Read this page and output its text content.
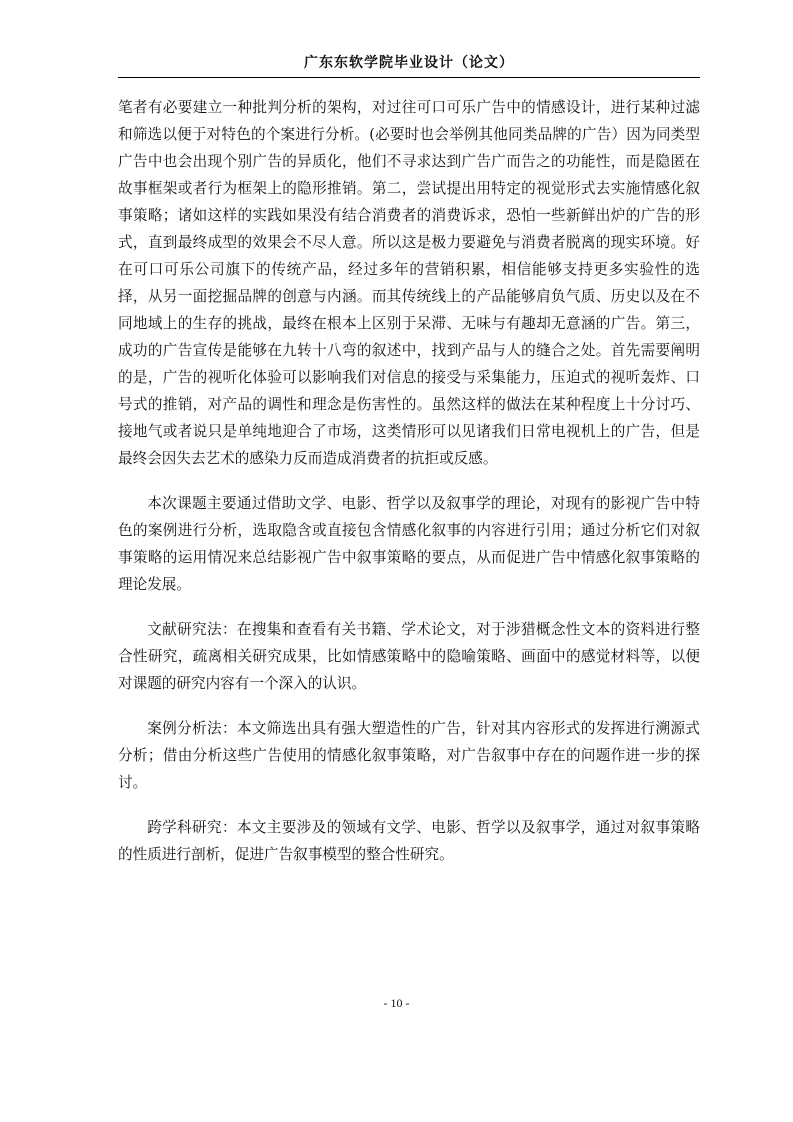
广东东软学院毕业设计（论文）

笔者有必要建立一种批判分析的架构，对过往可口可乐广告中的情感设计，进行某种过滤和筛选以便于对特色的个案进行分析。(必要时也会举例其他同类品牌的广告）因为同类型广告中也会出现个别广告的异质化，他们不寻求达到广告广而告之的功能性，而是隐匿在故事框架或者行为框架上的隐形推销。第二，尝试提出用特定的视觉形式去实施情感化叙事策略；诸如这样的实践如果没有结合消费者的消费诉求，恐怕一些新鲜出炉的广告的形式，直到最终成型的效果会不尽人意。所以这是极力要避免与消费者脱离的现实环境。好在可口可乐公司旗下的传统产品，经过多年的营销积累，相信能够支持更多实验性的选择，从另一面挖掘品牌的创意与内涵。而其传统线上的产品能够肩负气质、历史以及在不同地域上的生存的挑战，最终在根本上区别于呆滞、无味与有趣却无意涵的广告。第三，成功的广告宣传是能够在九转十八弯的叙述中，找到产品与人的缝合之处。首先需要阐明的是，广告的视听化体验可以影响我们对信息的接受与采集能力，压迫式的视听轰炸、口号式的推销，对产品的调性和理念是伤害性的。虽然这样的做法在某种程度上十分讨巧、接地气或者说只是单纯地迎合了市场，这类情形可以见诸我们日常电视机上的广告，但是最终会因失去艺术的感染力反而造成消费者的抗拒或反感。

本次课题主要通过借助文学、电影、哲学以及叙事学的理论，对现有的影视广告中特色的案例进行分析，选取隐含或直接包含情感化叙事的内容进行引用；通过分析它们对叙事策略的运用情况来总结影视广告中叙事策略的要点，从而促进广告中情感化叙事策略的理论发展。

文献研究法：在搜集和查看有关书籍、学术论文，对于涉猎概念性文本的资料进行整合性研究，疏离相关研究成果，比如情感策略中的隐喻策略、画面中的感觉材料等，以便对课题的研究内容有一个深入的认识。

案例分析法：本文筛选出具有强大塑造性的广告，针对其内容形式的发挥进行溯源式分析；借由分析这些广告使用的情感化叙事策略，对广告叙事中存在的问题作进一步的探讨。

跨学科研究：本文主要涉及的领域有文学、电影、哲学以及叙事学，通过对叙事策略的性质进行剖析，促进广告叙事模型的整合性研究。

- 10 -
